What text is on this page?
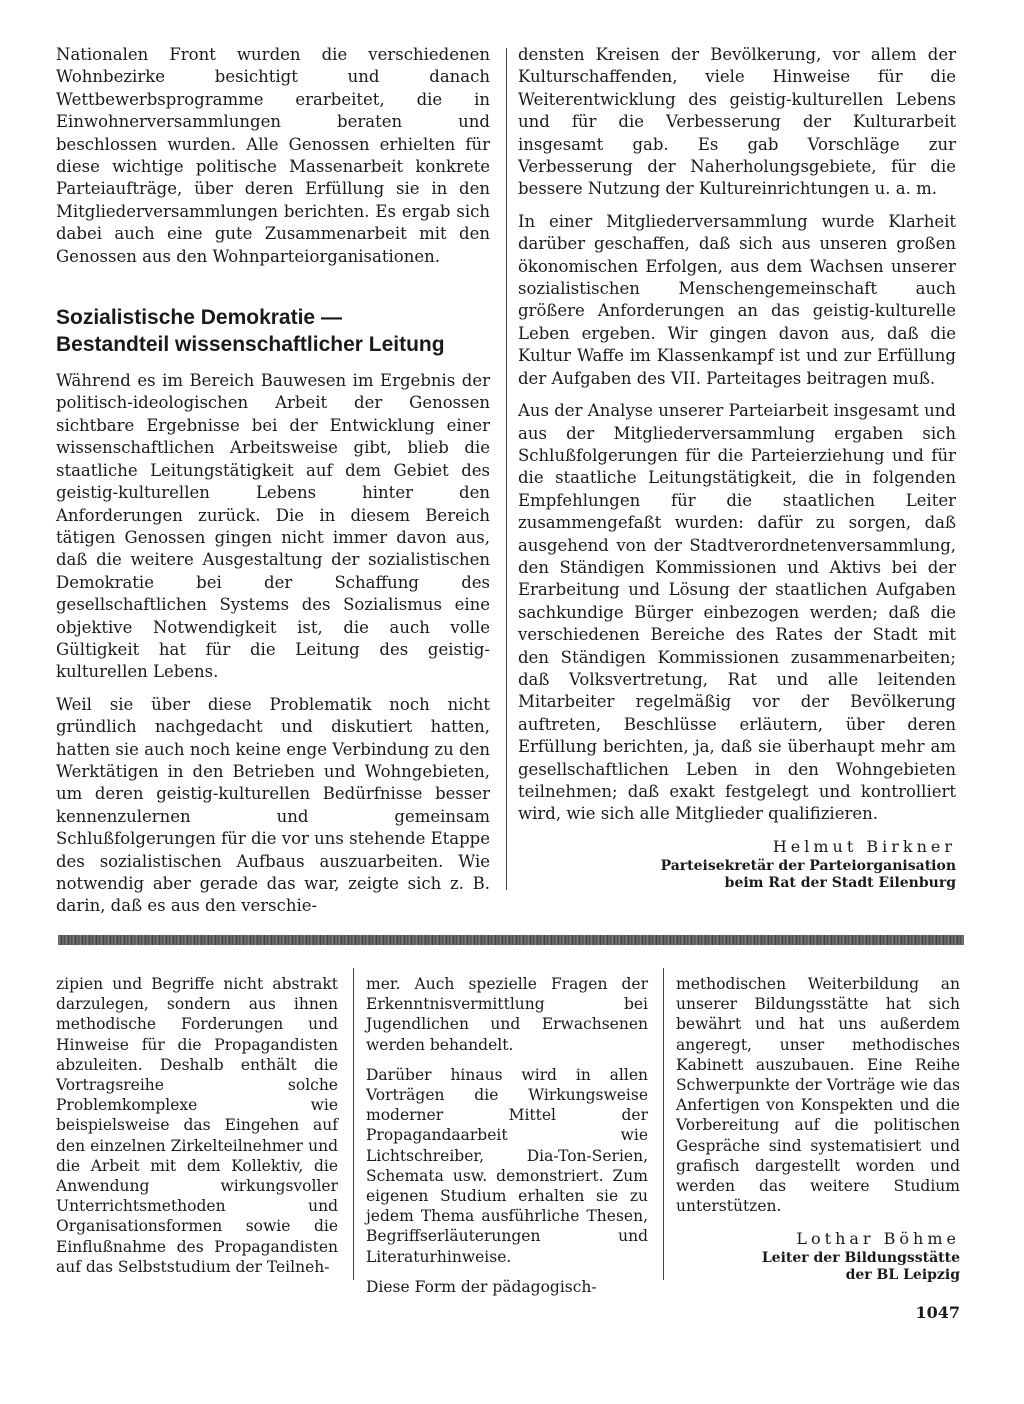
Nationalen Front wurden die verschiedenen Wohnbezirke besichtigt und danach Wettbewerbsprogramme erarbeitet, die in Einwohnerversammlungen beraten und beschlossen wurden. Alle Genossen erhielten für diese wichtige politische Massenarbeit konkrete Parteiaufträge, über deren Erfüllung sie in den Mitgliederversammlungen berichten. Es ergab sich dabei auch eine gute Zusammenarbeit mit den Genossen aus den Wohnparteiorganisationen.

Sozialistische Demokratie —

Bestandteil wissenschaftlicher Leitung

Während es im Bereich Bauwesen im Ergebnis der politisch-ideologischen Arbeit der Genossen sichtbare Ergebnisse bei der Entwicklung einer wissenschaftlichen Arbeitsweise gibt, blieb die staatliche Leitungstätigkeit auf dem Gebiet des geistig-kulturellen Lebens hinter den Anforderungen zurück. Die in diesem Bereich tätigen Genossen gingen nicht immer davon aus, daß die weitere Ausgestaltung der sozialistischen Demokratie bei der Schaffung des gesellschaftlichen Systems des Sozialismus eine objektive Notwendigkeit ist, die auch volle Gültigkeit hat für die Leitung des geistig-kulturellen Lebens.

Weil sie über diese Problematik noch nicht gründlich nachgedacht und diskutiert hatten, hatten sie auch noch keine enge Verbindung zu den Werktätigen in den Betrieben und Wohngebieten, um deren geistig-kulturellen Bedürfnisse besser kennenzulernen und gemeinsam Schlußfolgerungen für die vor uns stehende Etappe des sozialistischen Aufbaus auszuarbeiten. Wie notwendig aber gerade das war, zeigte sich z. B. darin, daß es aus den verschie-

densten Kreisen der Bevölkerung, vor allem der Kulturschaffenden, viele Hinweise für die Weiterentwicklung des geistig-kulturellen Lebens und für die Verbesserung der Kulturarbeit insgesamt gab. Es gab Vorschläge zur Verbesserung der Naherholungsgebiete, für die bessere Nutzung der Kultureinrichtungen u. a. m.

In einer Mitgliederversammlung wurde Klarheit darüber geschaffen, daß sich aus unseren großen ökonomischen Erfolgen, aus dem Wachsen unserer sozialistischen Menschengemeinschaft auch größere Anforderungen an das geistig-kulturelle Leben ergeben. Wir gingen davon aus, daß die Kultur Waffe im Klassenkampf ist und zur Erfüllung der Aufgaben des VII. Parteitages beitragen muß.

Aus der Analyse unserer Parteiarbeit insgesamt und aus der Mitgliederversammlung ergaben sich Schlußfolgerungen für die Parteierziehung und für die staatliche Leitungstätigkeit, die in folgenden Empfehlungen für die staatlichen Leiter zusammengefaßt wurden: dafür zu sorgen, daß ausgehend von der Stadtverordnetenversammlung, den Ständigen Kommissionen und Aktivs bei der Erarbeitung und Lösung der staatlichen Aufgaben sachkundige Bürger einbezogen werden; daß die verschiedenen Bereiche des Rates der Stadt mit den Ständigen Kommissionen zusammenarbeiten; daß Volksvertretung, Rat und alle leitenden Mitarbeiter regelmäßig vor der Bevölkerung auftreten, Beschlüsse erläutern, über deren Erfüllung berichten, ja, daß sie überhaupt mehr am gesellschaftlichen Leben in den Wohngebieten teilnehmen; daß exakt festgelegt und kontrolliert wird, wie sich alle Mitglieder qualifizieren.

Helmut Birkner
Parteisekretär der Parteiorganisation
beim Rat der Stadt Eilenburg

zipien und Begriffe nicht abstrakt darzulegen, sondern aus ihnen methodische Forderungen und Hinweise für die Propagandisten abzuleiten. Deshalb enthält die Vortragsreihe solche Problemkomplexe wie beispielsweise das Eingehen auf den einzelnen Zirkelteilnehmer und die Arbeit mit dem Kollektiv, die Anwendung wirkungsvoller Unterrichtsmethoden und Organisationsformen sowie die Einflußnahme des Propagandisten auf das Selbststudium der Teilneh-

mer. Auch spezielle Fragen der Erkenntnisvermittlung bei Jugendlichen und Erwachsenen werden behandelt.

Darüber hinaus wird in allen Vorträgen die Wirkungsweise moderner Mittel der Propagandaarbeit wie Lichtschreiber, Dia-Ton-Serien, Schemata usw. demonstriert. Zum eigenen Studium erhalten sie zu jedem Thema ausführliche Thesen, Begriffserläuterungen und Literaturhinweise.

Diese Form der pädagogisch-

methodischen Weiterbildung an unserer Bildungsstätte hat sich bewährt und hat uns außerdem angeregt, unser methodisches Kabinett auszubauen. Eine Reihe Schwerpunkte der Vorträge wie das Anfertigen von Konspekten und die Vorbereitung auf die politischen Gespräche sind systematisiert und grafisch dargestellt worden und werden das weitere Studium unterstützen.

Lothar Böhme
Leiter der Bildungsstätte
der BL Leipzig
1047
